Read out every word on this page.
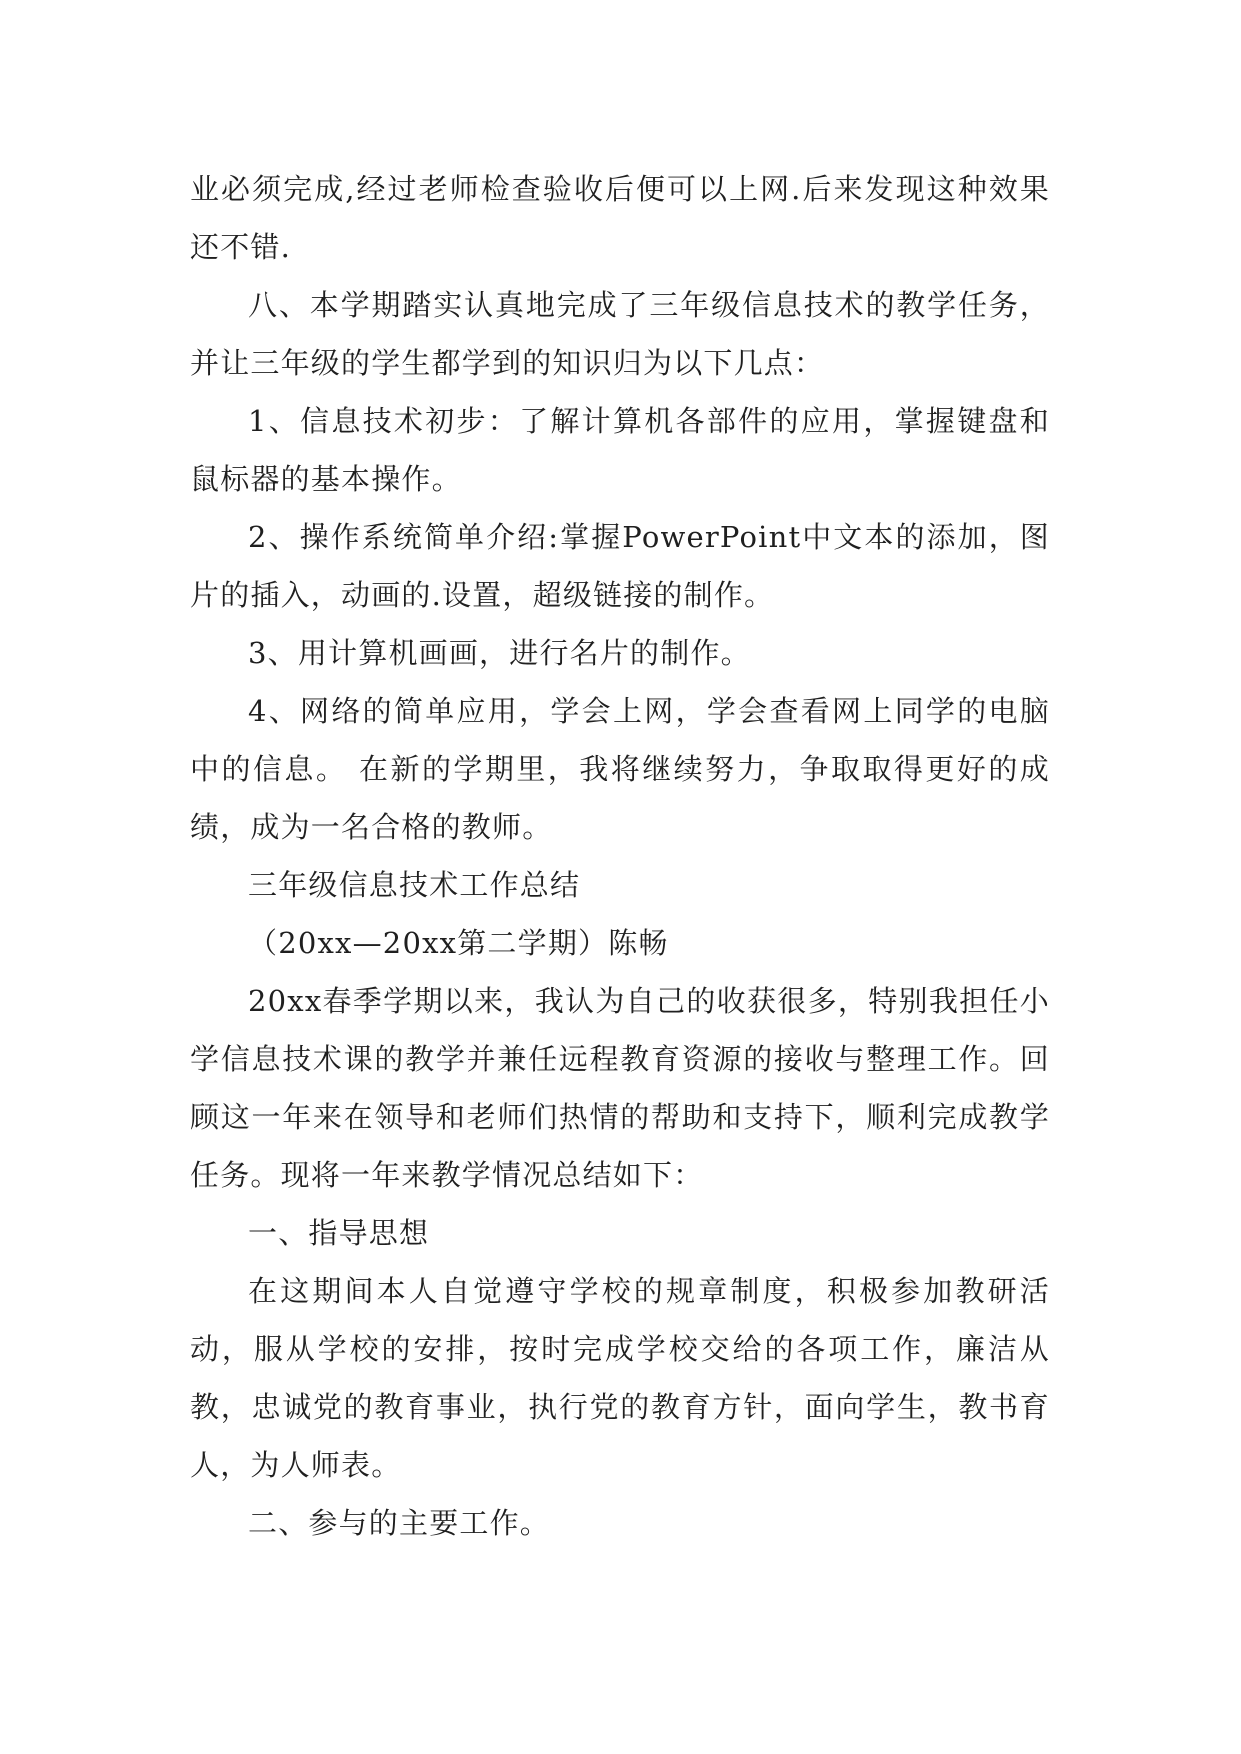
业必须完成,经过老师检查验收后便可以上网.后来发现这种效果还不错.

八、本学期踏实认真地完成了三年级信息技术的教学任务，并让三年级的学生都学到的知识归为以下几点：

1、信息技术初步：了解计算机各部件的应用，掌握键盘和鼠标器的基本操作。

2、操作系统简单介绍:掌握PowerPoint中文本的添加，图片的插入，动画的.设置，超级链接的制作。

3、用计算机画画，进行名片的制作。

4、网络的简单应用，学会上网，学会查看网上同学的电脑中的信息。 在新的学期里，我将继续努力，争取取得更好的成绩，成为一名合格的教师。

三年级信息技术工作总结

（20xx—20xx第二学期）陈畅

20xx春季学期以来，我认为自己的收获很多，特别我担任小学信息技术课的教学并兼任远程教育资源的接收与整理工作。回顾这一年来在领导和老师们热情的帮助和支持下，顺利完成教学任务。现将一年来教学情况总结如下：

一、指导思想

在这期间本人自觉遵守学校的规章制度，积极参加教研活动，服从学校的安排，按时完成学校交给的各项工作，廉洁从教，忠诚党的教育事业，执行党的教育方针，面向学生，教书育人，为人师表。

二、参与的主要工作。
